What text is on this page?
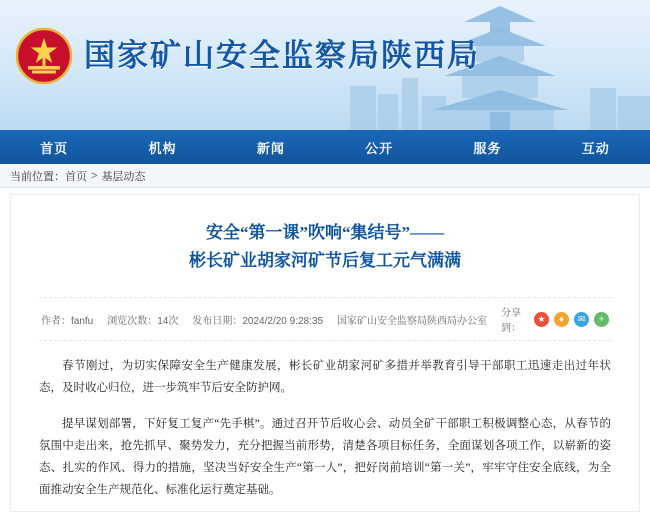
国家矿山安全监察局陕西局
首页	机构	新闻	公开	服务	互动
当前位置： 首页 > 基层动态
安全“第一课”吹响“集结号”——
彬长矿业胡家河矿节后复工元气满满
作者：fanfu 浏览次数：14次 发布日期：2024/2/20 9:28:35 国家矿山安全监察局陕西局办公室
分享到：
★	♦	✉	+
春节刚过，为切实保障安全生产健康发展，彬长矿业胡家河矿多措并举教育引导干部职工迅速走出过年状态，及时收心归位，进一步筑牢节后安全防护网。
提早谋划部署，下好复工复产“先手棋”。通过召开节后收心会、动员全矿干部职工积极调整心态，从春节的氛围中走出来，抢先抓早、聚势发力，充分把握当前形势，清楚各项目标任务，全面谋划各项工作，以崭新的姿态、扎实的作风、得力的措施，坚决当好安全生产“第一人”，把好岗前培训“第一关”，牢牢守住安全底线，为全面推动安全生产规范化、标准化运行奠定基础。
